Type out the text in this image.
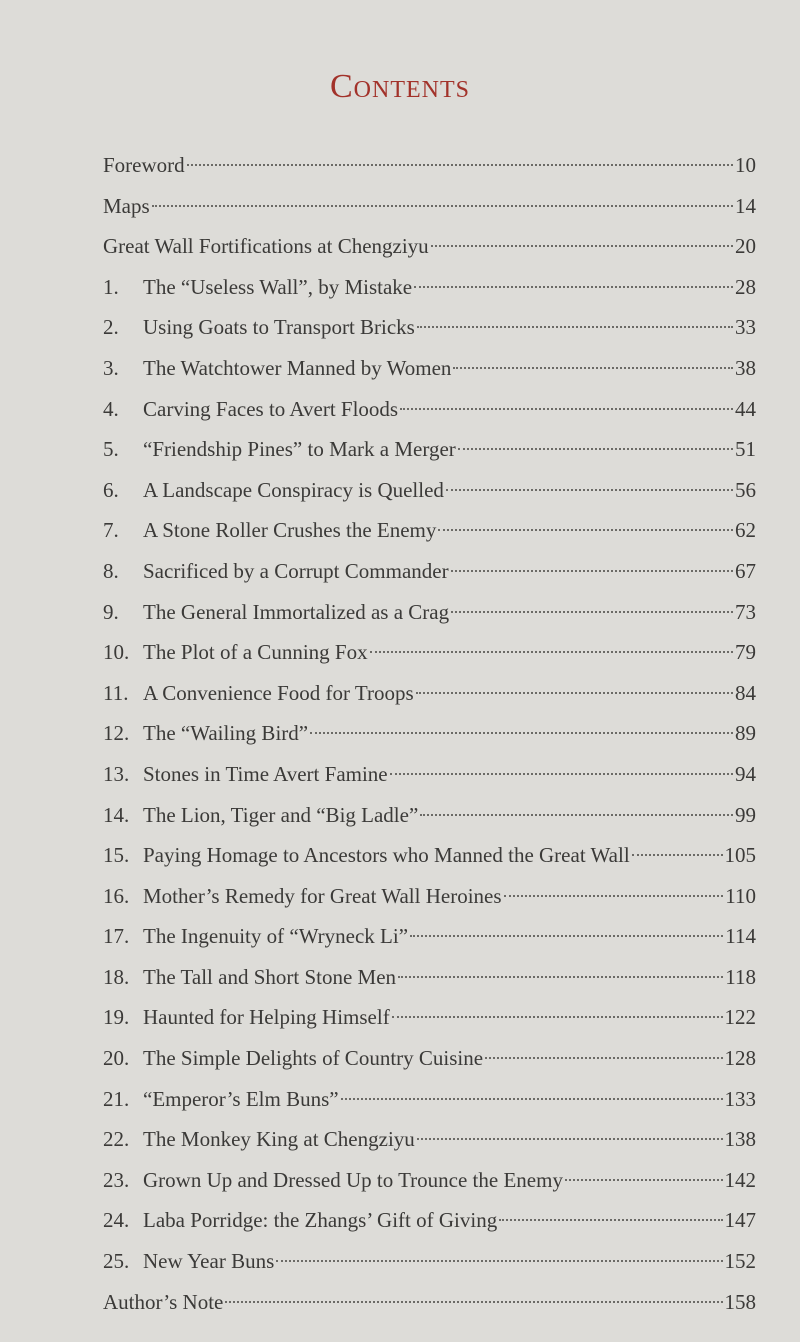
Contents
Foreword	10
Maps	14
Great Wall Fortifications at Chengziyu	20
1.	The “Useless Wall”, by Mistake	28
2.	Using Goats to Transport Bricks	33
3.	The Watchtower Manned by Women	38
4.	Carving Faces to Avert Floods	44
5.	“Friendship Pines” to Mark a Merger	51
6.	A Landscape Conspiracy is Quelled	56
7.	A Stone Roller Crushes the Enemy	62
8.	Sacrificed by a Corrupt Commander	67
9.	The General Immortalized as a Crag	73
10. The Plot of a Cunning Fox	79
11. A Convenience Food for Troops	84
12. The “Wailing Bird”	89
13. Stones in Time Avert Famine	94
14. The Lion, Tiger and “Big Ladle”	99
15. Paying Homage to Ancestors who Manned the Great Wall	105
16. Mother’s Remedy for Great Wall Heroines	110
17. The Ingenuity of “Wryneck Li”	114
18. The Tall and Short Stone Men	118
19. Haunted for Helping Himself	122
20. The Simple Delights of Country Cuisine	128
21. “Emperor’s Elm Buns”	133
22. The Monkey King at Chengziyu	138
23. Grown Up and Dressed Up to Trounce the Enemy	142
24. Laba Porridge: the Zhangs’ Gift of Giving	147
25. New Year Buns	152
Author’s Note	158
